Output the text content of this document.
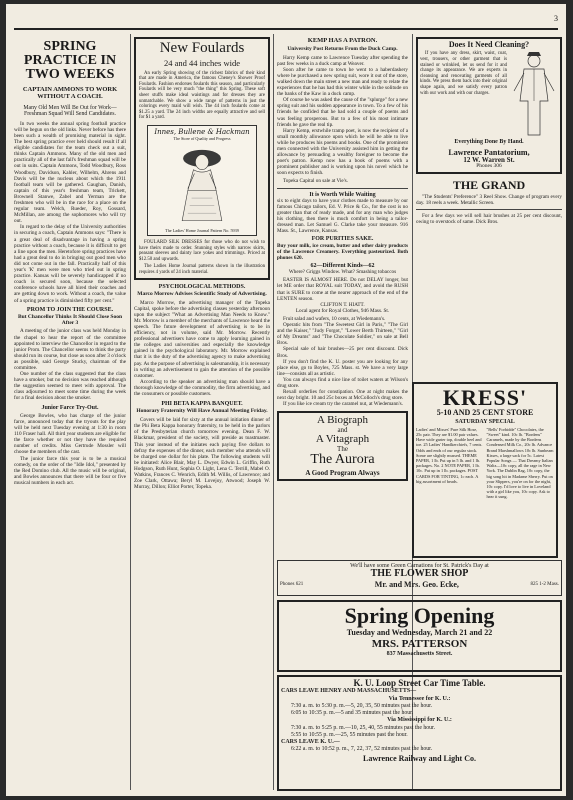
3
SPRING PRACTICE IN TWO WEEKS
CAPTAIN AMMONS TO WORK WITHOUT A COACH.
Many Old Men Will Be Out for Work—Freshman Squad Will Send Candidates.
In two weeks the annual spring football practice will be begun on the old links. Never before has there been such a wealth of promising material in sight. The best spring practice ever held should result if all eligible candidates for the team check out a suit, thinks Captain Ammons. Many of the old men and practically all of the last fall's freshman squad will be out in suits. Captain Ammons, Todd Woodbury, Ross Woodbury, Davidson, Kahler, Wilhelm, Ahrens and Davis will be the nucleus about which the 1911 football team will be gathered. Gaughan, Danish, captain of this year's freshman team, Trickett, Brownell Stanwe, Zabel and Yerman are the freshmen who will be in the race for a place on the regular team. Welch, Rueder, Roy, Gossard, McMillan, are among the sophomores who will try out.
In regard to the delay of the University authorities in securing a coach, Captain Ammons says: "There is a great deal of disadvantage in having a spring practice without a coach, because it is difficult to get a line upon the men. Heretofore spring practices have had a great deal to do in bringing out good men who did not come out in the fall. Practically half of this year's 'K' men were men who tried out in spring practice. Kansas will be severely handicapped if no coach is secured soon, because the selected conference schools have all hired their coaches and are getting down to work. Without a coach, the value of a spring practice is diminished fifty per cent."
PROM TO JOIN THE COURSE.
But Chancellor Thinks It Should Close Soon After 3
A meeting of the junior class was held Monday in the chapel to hear the report of the committee appointed to interview the Chancellor in regard to the junior Prom. The Chancellor seems to think the party should run its course, but close as soon after 3 o'clock as possible, said George Stucky, chairman of the committee.
One number of the class suggested that the class have a smoker, but no decision was reached although the suggestion seemed to meet with approval. The class adjourned to meet some time during the week for a final decision about the smoker.
Junior Farce Try-Out.
George Bowles, who has charge of the junior farce, announced today that the tryouts for the play will be held next Tuesday evening at 1:30 in room 110 Fraser hall. All third year students are eligible for the farce whether or not they have the required number of credits. Miss Gertrude Mossler will choose the members of the cast.
The junior farce this year is to be a musical comedy, on the order of the "Idle Idol," presented by the Red Domino club. All the music will be original, and Bowles announces that there will be four or five musical numbers in each act.
New Foulards
24 and 44 inches wide
An early Spring showing of the richest fabrics of their kind that are made in America, the famous Cheney's Shower Proof Foulards. Fashion endorses foulards this season, and particularly Foulards will be very much "the thing" this Spring. These soft sheer stuffs make ideal waistings and for dresses they are unmatchable. We show a wide range of patterns in just the colorings every maid will wish. The 44 inch foulards come at $1.25 a yard. The 24 inch widths are equally attractive and sell for $1 a yard.
Innes, Bullene & Hackman
The Store of Quality and Progress
The Ladies' Home Journal Pattern No. 5939
FOULARD SILK DRESSES for those who do not wish to have theirs made to order. Stunning styles with narrow skirts, peasant sleeves and dainty lace yokes and trimmings. Priced at $12.50 and upwards.
The Ladies Home Journal patterns shown in the illustration requires 4 yards of 24 inch material.
PSYCHOLOGICAL METHODS.
Marco Morrow Advises Scientific Study of Advertising.
Marco Morrow, the advertising manager of the Topeka Capital, spoke before the advertising classes yesterday afternoon upon the subject "What an Advertising Man Needs to Know." Mr. Morrow is a member of the merchants of Lawrence heard the speech. The future development of advertising is to be in efficiency, not in volume, said Mr. Morrow. Recently professional advertisers have come to apply learning gained in the colleges and universities and especially the knowledge gained in the psychological laboratory. Mr. Morrow explained that it is the duty of the advertising agency to make advertising pay. As the purpose of advertising is salesmanship, it is necessary in writing an advertisement to gain the attention of the possible customer.
According to the speaker an advertising man should have a thorough knowledge of the commodity, the firm advertising, and the consumers or possible customers.
PHI BETA KAPPA BANQUET.
Honorary Fraternity Will Have Annual Meeting Friday.
Covers will be laid for sixty at the annual initiation dinner of the Phi Beta Kappa honorary fraternity, to be held in the parlors of the Presbyterian church tomorrow evening. Dean F. W. Blackmar, president of the society, will preside as toastmaster. This year instead of the initiates each paying five dollars to defray the expenses of the dinner, each member who attends will be charged one dollar for his plate. The following students will be initiated: Alice Blair, May L. Dwyer, Edwin L. Griffin, Ruth Hodgson, Ruth Hunt, Sophia O. Light, Lena C. Terrill, Mabel O. Watkins, Frances C. Wenrich, Edith M. Willis, of Lawrence; and Zoe Clark, Ottawa; Beryl M. Lovejoy, Atwood; Joseph W. Murray, Dillon; Elliot Porter, Topeka.
KEMP HAS A PATRON.
University Post Returns From the Duck Camp.
Harry Kemp came to Lawrence Tuesday after spending the past few weeks in a duck camp at Weaver.
Soon after he came to town he went to a haberdashery where he purchased a new spring suit, wore it out of the store, walked down the main street a new man and ready to relate the experiences that he has had this winter while in the solitude on the banks of the Kaw in a duck camp.
Of course he was asked the cause of the "splurge" for a new spring suit and his sudden appearance in town. To a few of his friends he confided that he had sold a couple of poems and was feeling prosperous. But to a few of his most intimate friends he gave the real tip.
Harry Kemp, erstwhile tramp poet, is now the recipient of a small monthly allowance upon which he will be able to live while he produces his poems and books. One of the prominent men connected with the University assisted him in getting the allowance by persuading a wealthy foreigner to become the poet's patron. Kemp now has a book of poems with a prominent publisher and is working upon his novel which he soon expects to finish.
Topeka Capital on sale at Vie's.
It is Worth While Waiting
six to eight days to have your clothes made to measure by our famous Chicago tailors, Ed. V. Price & Co., for the cost is no greater than that of ready made, and for any man who judges his clothing, then there is much comfort in being a tailor-dressed man. Let Samuel G. Clarke take your measure. 916 Mass. St., Lawrence, Kansas.
FOR PURITIES SAKE.
Buy your milk, ice cream, butter and other dairy products of the Lawrence Creamery. Everything pasteurized. Both phones 620.
62—Different Kinds—62
Where? Griggs Window. What? Smashing tobaccos
EASTER IS ALMOST HERE. Do not DELAY longer, but let ME order that ROYAL suit TODAY, and avoid the RUSH that is SURE to come at the nearer approach of the end of the LENTEN season.
CLIFTON T. HIATT.
Local agent for Royal Clothes, 946 Mass. St.
Fruit salad and wafers, 10 cents, at Wiedemann's.
Operatic hits from "The Sweetest Girl in Paris," "The Girl and the Kaiser," "Judy Forgot," "Lower Berth Thirteen," "Girl of My Dreams" and "The Chocolate Soldier," on sale at Bell Bros.
Special sale of hair brushes—25 per cent discount. Dick Bros.
If you don't find the K. U. poster you are looking for any place else, go to Boyles, 725 Mass. st. We have a very large line—consists all as artistic.
You can always find a nice line of toilet waters at Wilson's drug store.
Rexall orderlies for constipation. One at night makes the next day bright. 10 and 25c boxes at McColloch's drug store.
If you like ice cream try the caramel nut, at Wiedemann's.
A Biograph
and
A Vitagraph
The
The Aurora
A Good Program Always
Does It Need Cleaning?
If you have any dress, skirt, waist, coat, vest, trousers, or other garment that is stained or wrinkled, let us send for it and change its appearance. We are experts in cleansing and renovating garments of all kinds. We press them back into their original shape again, and we satisfy every patron with our work and with our charges.
Everything Done By Hand.
Lawrence Pantatorium,
12 W. Warren St.
Phones 306
THE GRAND
"The Students' Preference" 3 Reel Show. Change of program every day. 18 reels a week. Metallic Screen.
For a few days we will sell hair brushes at 25 per cent discount, owing to overstock of same. Dick Bros.
KRESS'
5-10 AND 25 CENT STORE
SATURDAY SPECIAL
Ladies' and Misses' Pure Silk Hose, 25c pair. They are $1.00 pair values. Have wide garter top, double heel and toe. 25 Ladies' Handkerchiefs, 7 cents. Odds and ends of our regular stock. Some are slightly mussed. THEME PAPER, 1 lb. Put up in 5 lb. and 1 lb. packages. No. 2 NOTE PAPER, 1 lb. 10c. Put up in 1 lb. packages. POST CARDS FOR TINTING, 1c each. A big assortment of beads.
"Bells' Forbidde" Chocolates, the "Sweet" kind. 10c lb. "Bordens" Caramels, made by the Bordens Condensed Milk Co., 20c lb. Advance Brand Marshmallows 10c lb. Sunbeam Kisses, a large sack for 5c. Latest Popular Songs — That Dreamy Italian Waltz—10c copy, all the rage in New York. The Dublin Rag, 10c copy, the big song hit in Madame Sherry. Put on your Slippers, you're on for the night, 10c copy. I'd love to live in Loveland with a girl like you, 10c copy. Ask to hear it sung.
We'll have some Green Carnations for St. Patrick's Day at
THE FLOWER SHOP
Phones 621	Mr. and Mrs. Geo. Ecke,	825 1-2 Mass.
Spring Opening
Tuesday and Wednesday, March 21 and 22
MRS. PATTERSON
837 Massachusetts Street.
K. U. Loop Street Car Time Table.
CARS LEAVE HENRY AND MASSACHUSETTS—
Via Tennessee for K. U.:
7:30 a. m. to 5:30 p. m.—5, 20, 35, 50 minutes past the hour.
6:05 to 10:35 p. m.—5 and 35 minutes past the hour.
Via Mississippi for K. U.:
7:30 a. m. to 5:25 p. m.—10, 25, 40, 55 minutes past the hour.
5:55 to 10:55 p. m.—25, 55 minutes past the hour.
CARS LEAVE K. U.—
6:22 a. m. to 10:52 p. m., 7, 22, 37, 52 minutes past the hour.
Lawrence Railway and Light Co.
